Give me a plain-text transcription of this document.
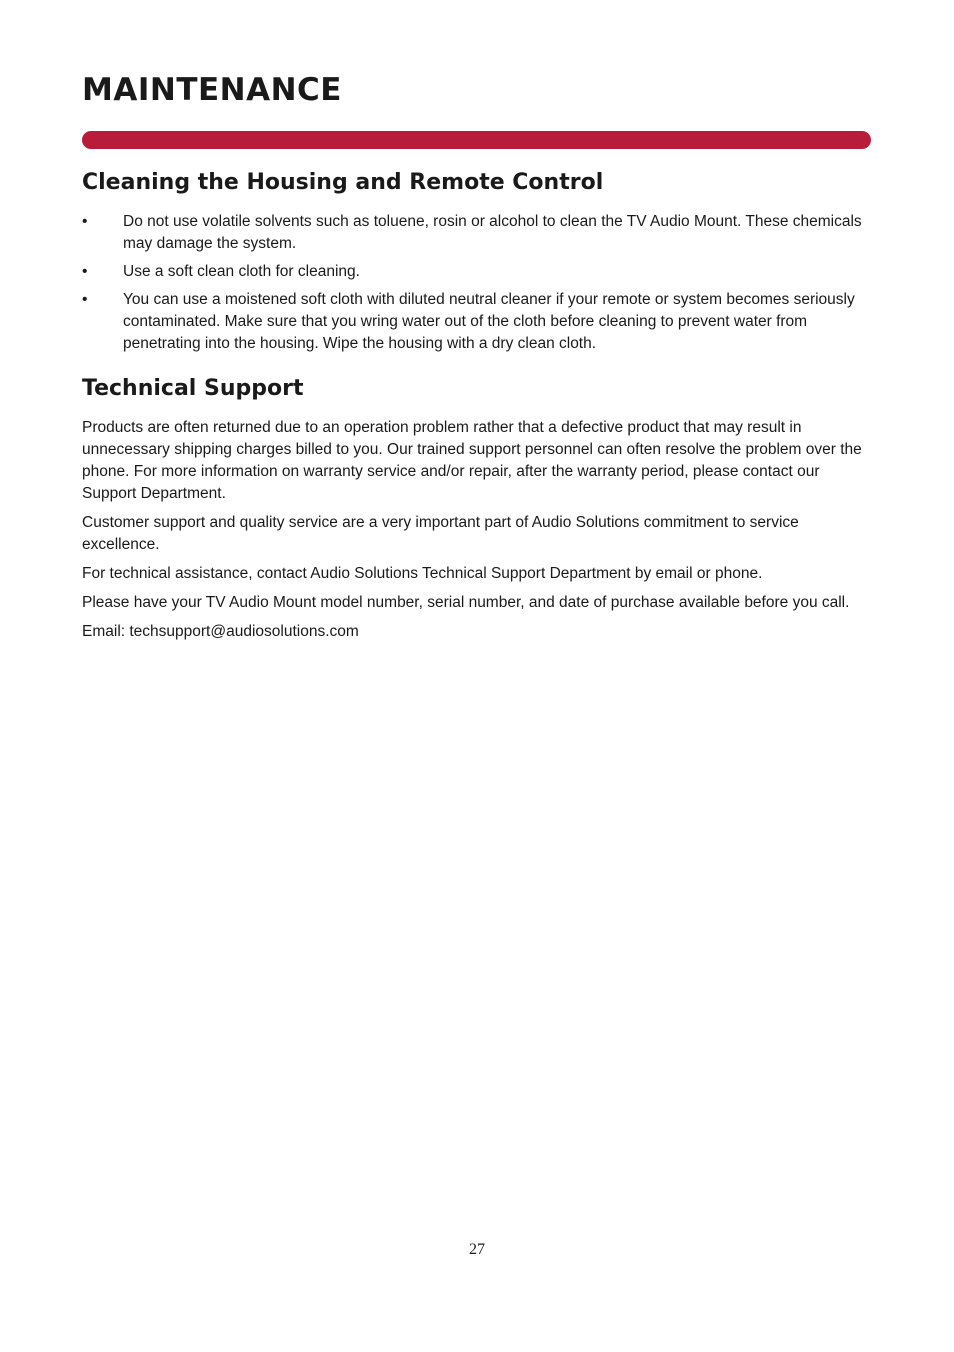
MAINTENANCE
Cleaning the Housing and Remote Control
• Do not use volatile solvents such as toluene, rosin or alcohol to clean the TV Audio Mount. These chemicals may damage the system.
• Use a soft clean cloth for cleaning.
• You can use a moistened soft cloth with diluted neutral cleaner if your remote or system becomes seriously contaminated. Make sure that you wring water out of the cloth before cleaning to prevent water from penetrating into the housing. Wipe the housing with a dry clean cloth.
Technical Support

Products are often returned due to an operation problem rather that a defective product that may result in unnecessary shipping charges billed to you. Our trained support personnel can often resolve the problem over the phone. For more information on warranty service and/or repair, after the warranty period, please contact our Support Department.

Customer support and quality service are a very important part of Audio Solutions commitment to service excellence.

For technical assistance, contact Audio Solutions Technical Support Department by email or phone.

Please have your TV Audio Mount model number, serial number, and date of purchase available before you call.

Email: techsupport@audiosolutions.com

27
